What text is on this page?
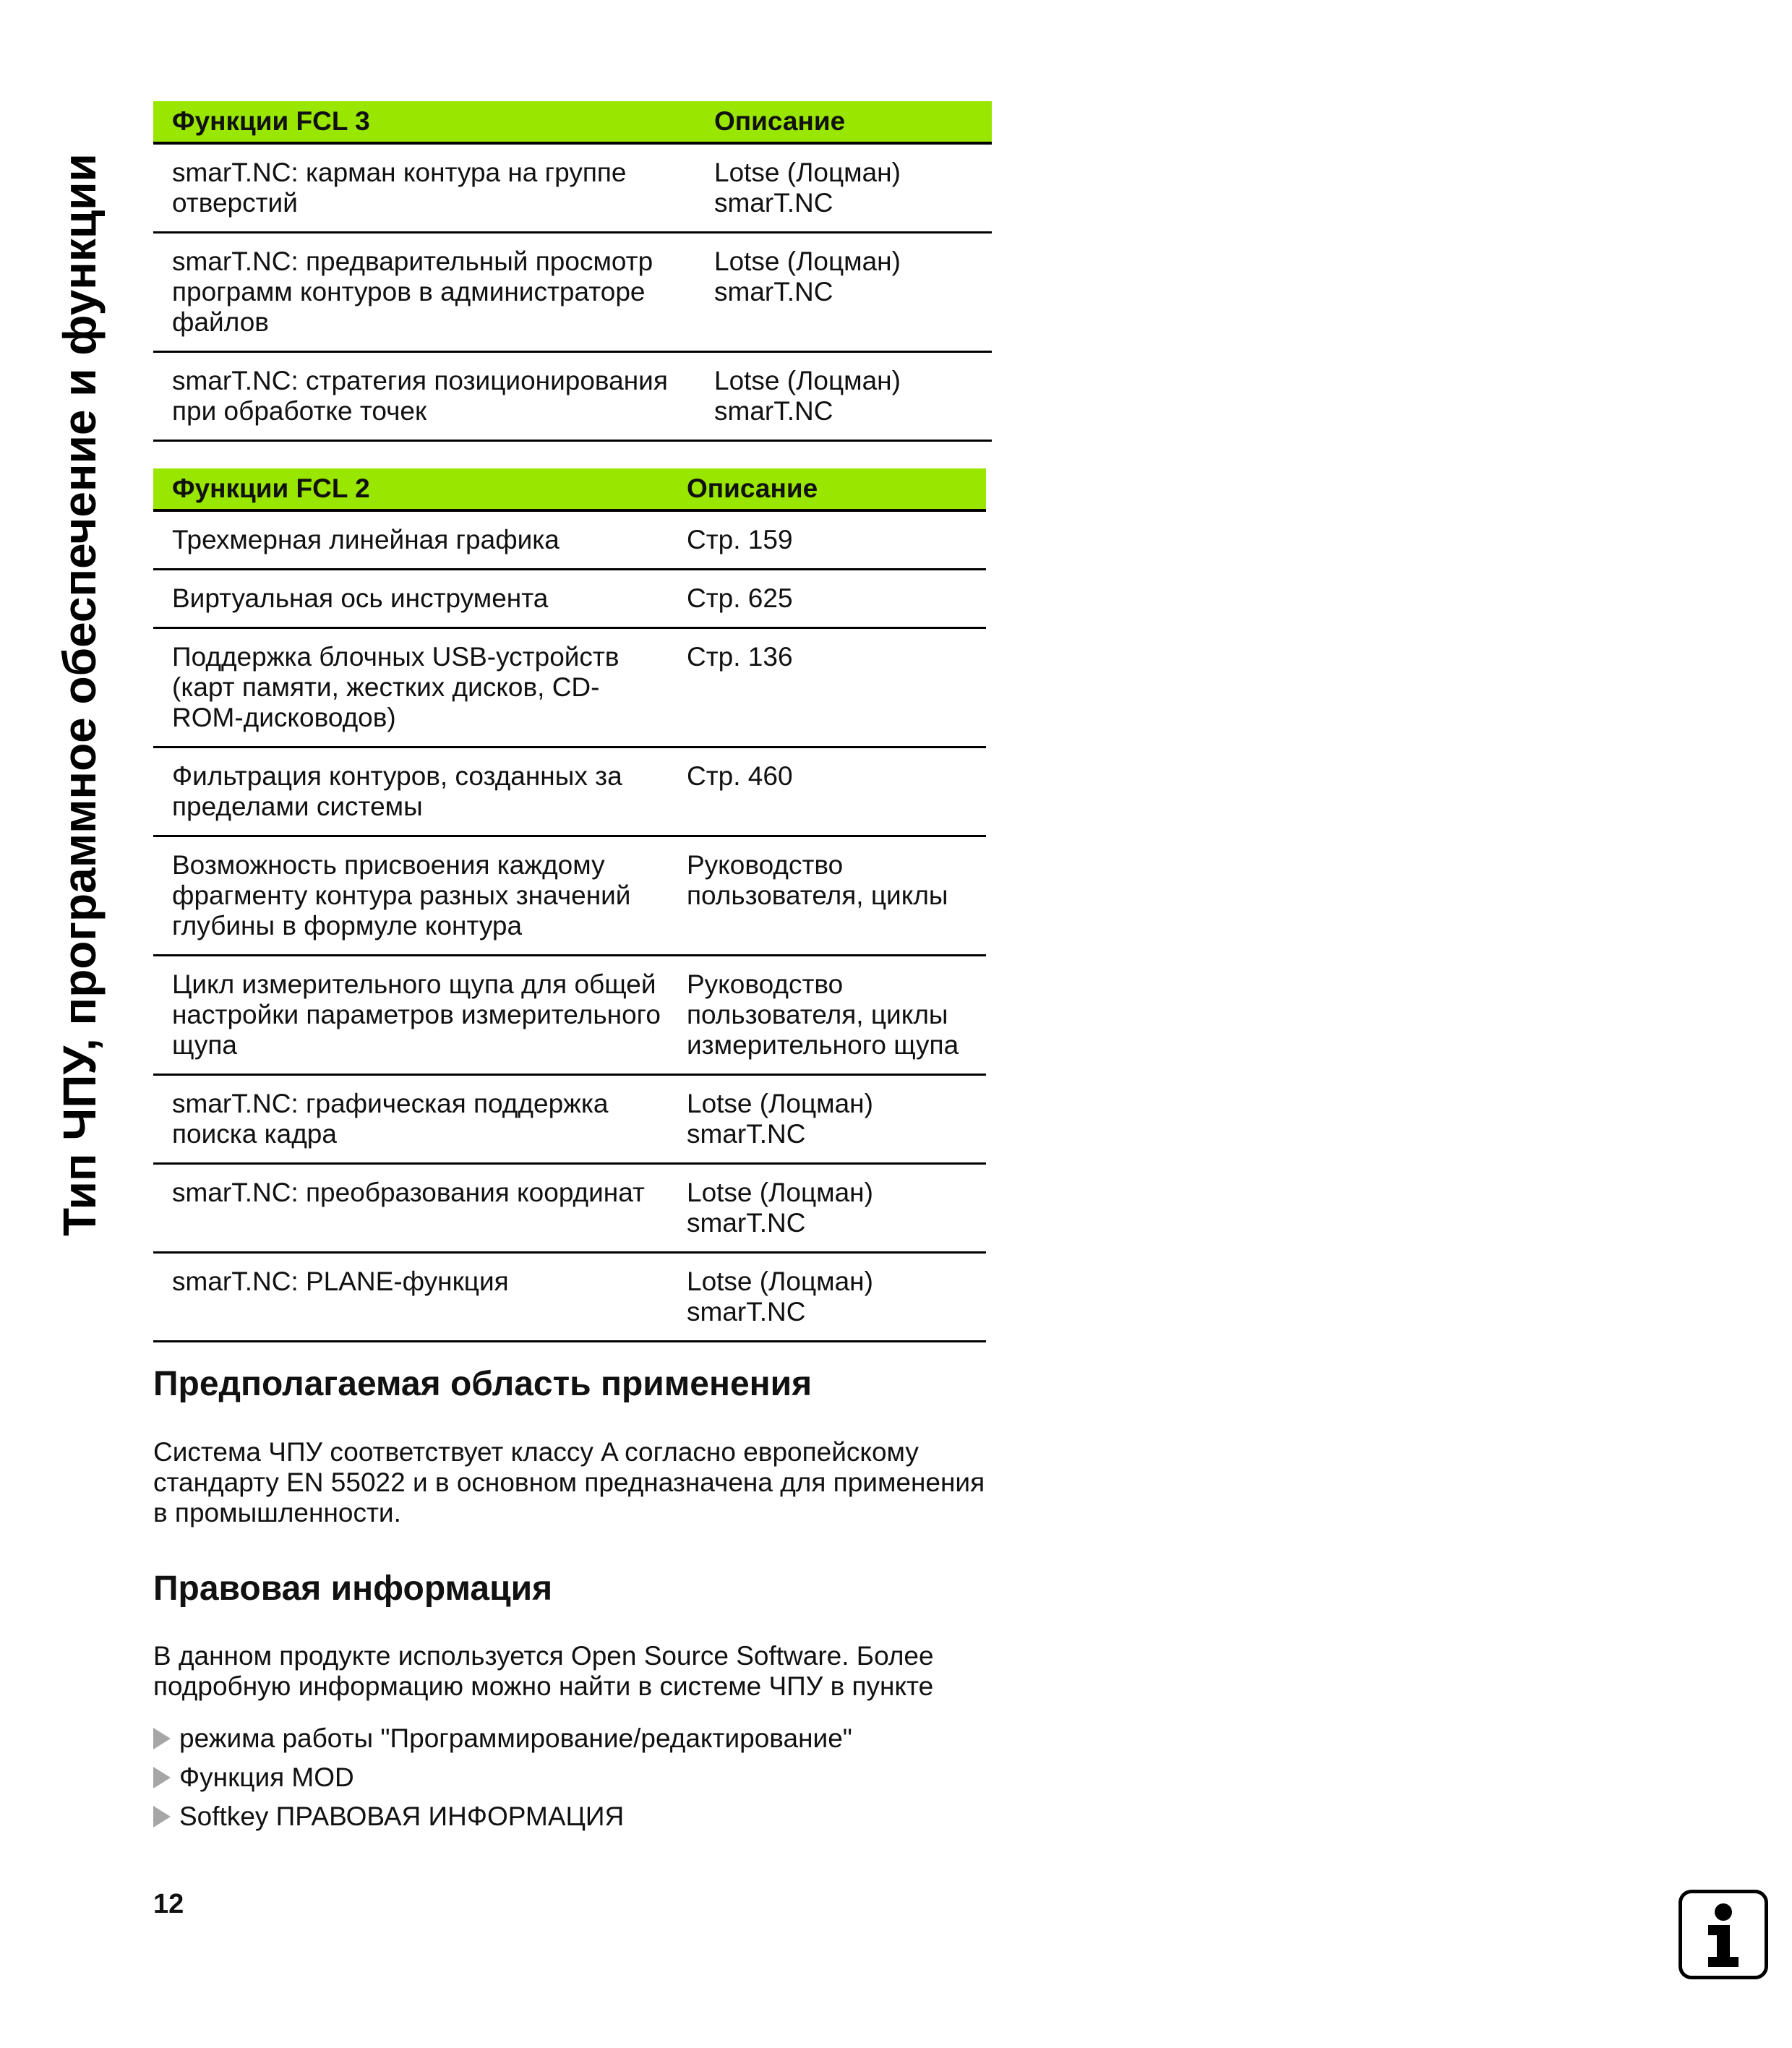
Тип ЧПУ, программное обеспечение и функции
Функции FCL 3	Описание
smarT.NC: карман контура на группе отверстий	Lotse (Лоцман) smarT.NC
smarT.NC: предварительный просмотр программ контуров в администраторе файлов	Lotse (Лоцман) smarT.NC
smarT.NC: стратегия позиционирования при обработке точек	Lotse (Лоцман) smarT.NC
Функции FCL 2	Описание
Трехмерная линейная графика	Стр. 159
Виртуальная ось инструмента	Стр. 625
Поддержка блочных USB-устройств (карт памяти, жестких дисков, CD-ROM-дисководов)	Стр. 136
Фильтрация контуров, созданных за пределами системы	Стр. 460
Возможность присвоения каждому фрагменту контура разных значений глубины в формуле контура	Руководство пользователя, циклы
Цикл измерительного щупа для общей настройки параметров измерительного щупа	Руководство пользователя, циклы измерительного щупа
smarT.NC: графическая поддержка поиска кадра	Lotse (Лоцман) smarT.NC
smarT.NC: преобразования координат	Lotse (Лоцман) smarT.NC
smarT.NC: PLANE-функция	Lotse (Лоцман) smarT.NC
Предполагаемая область применения

Система ЧПУ соответствует классу A согласно европейскому стандарту EN 55022 и в основном предназначена для применения в промышленности.

Правовая информация

В данном продукте используется Open Source Software. Более подробную информацию можно найти в системе ЧПУ в пункте

режима работы "Программирование/редактирование"
Функция MOD
Softkey ПРАВОВАЯ ИНФОРМАЦИЯ
12
